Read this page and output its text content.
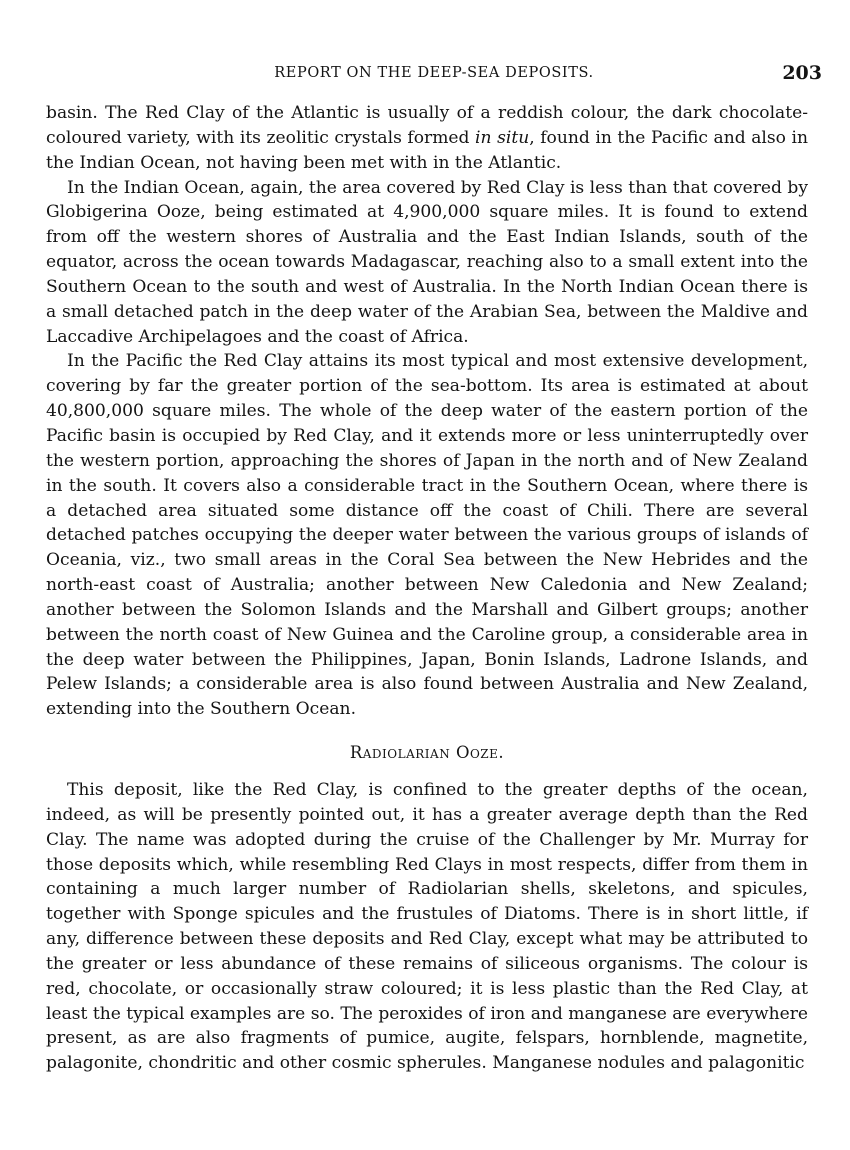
REPORT ON THE DEEP-SEA DEPOSITS.	203

basin. The Red Clay of the Atlantic is usually of a reddish colour, the dark chocolate-coloured variety, with its zeolitic crystals formed in situ, found in the Pacific and also in the Indian Ocean, not having been met with in the Atlantic.

In the Indian Ocean, again, the area covered by Red Clay is less than that covered by Globigerina Ooze, being estimated at 4,900,000 square miles. It is found to extend from off the western shores of Australia and the East Indian Islands, south of the equator, across the ocean towards Madagascar, reaching also to a small extent into the Southern Ocean to the south and west of Australia. In the North Indian Ocean there is a small detached patch in the deep water of the Arabian Sea, between the Maldive and Laccadive Archipelagoes and the coast of Africa.

In the Pacific the Red Clay attains its most typical and most extensive development, covering by far the greater portion of the sea-bottom. Its area is estimated at about 40,800,000 square miles. The whole of the deep water of the eastern portion of the Pacific basin is occupied by Red Clay, and it extends more or less uninterruptedly over the western portion, approaching the shores of Japan in the north and of New Zealand in the south. It covers also a considerable tract in the Southern Ocean, where there is a detached area situated some distance off the coast of Chili. There are several detached patches occupying the deeper water between the various groups of islands of Oceania, viz., two small areas in the Coral Sea between the New Hebrides and the north-east coast of Australia; another between New Caledonia and New Zealand; another between the Solomon Islands and the Marshall and Gilbert groups; another between the north coast of New Guinea and the Caroline group, a considerable area in the deep water between the Philippines, Japan, Bonin Islands, Ladrone Islands, and Pelew Islands; a considerable area is also found between Australia and New Zealand, extending into the Southern Ocean.

Radiolarian Ooze.

This deposit, like the Red Clay, is confined to the greater depths of the ocean, indeed, as will be presently pointed out, it has a greater average depth than the Red Clay. The name was adopted during the cruise of the Challenger by Mr. Murray for those deposits which, while resembling Red Clays in most respects, differ from them in containing a much larger number of Radiolarian shells, skeletons, and spicules, together with Sponge spicules and the frustules of Diatoms. There is in short little, if any, difference between these deposits and Red Clay, except what may be attributed to the greater or less abundance of these remains of siliceous organisms. The colour is red, chocolate, or occasionally straw coloured; it is less plastic than the Red Clay, at least the typical examples are so. The peroxides of iron and manganese are everywhere present, as are also fragments of pumice, augite, felspars, hornblende, magnetite, palagonite, chondritic and other cosmic spherules. Manganese nodules and palagonitic
